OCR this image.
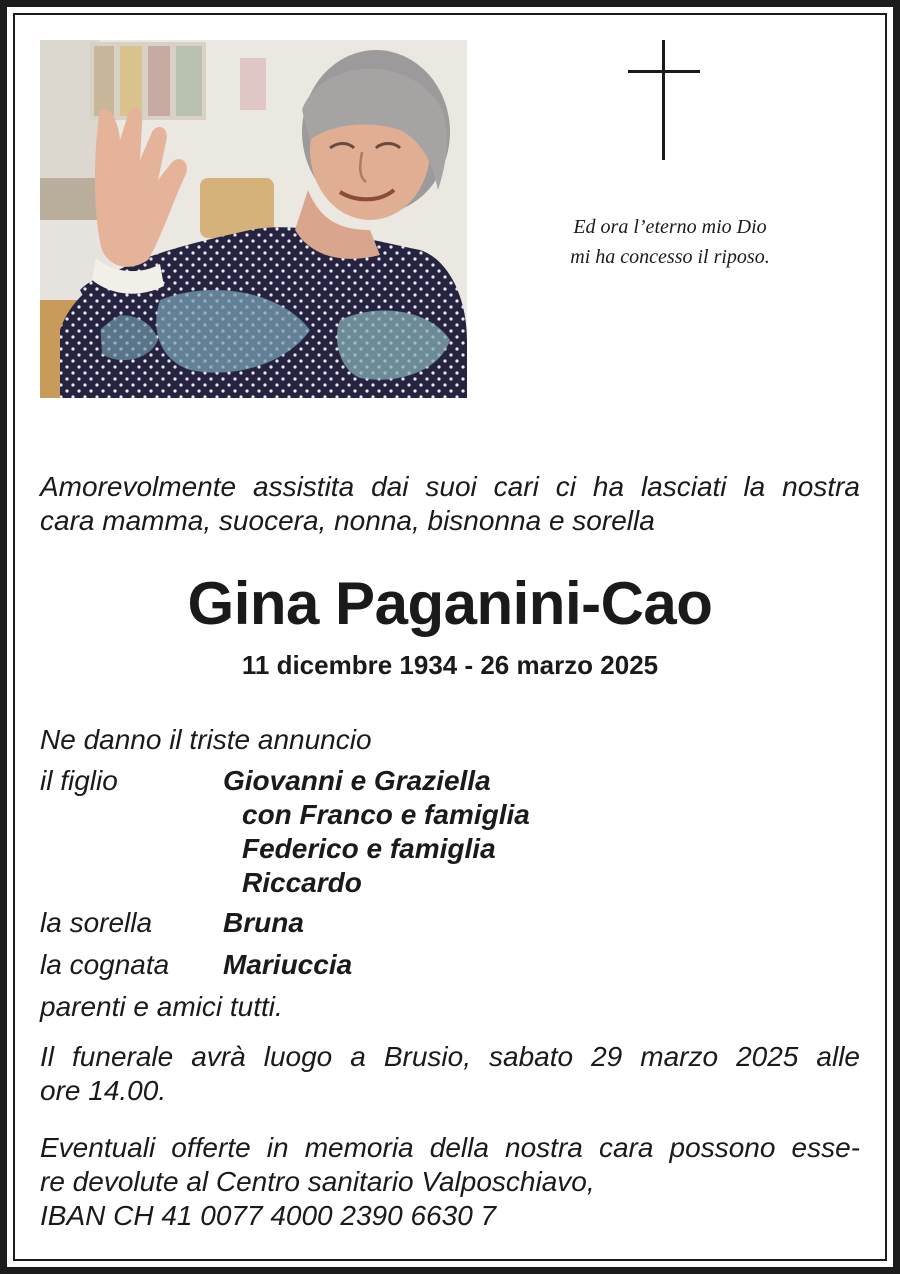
Ed ora l’eterno mio Dio
mi ha concesso il riposo.
Amorevolmente assistita dai suoi cari ci ha lasciati la nostra
cara mamma, suocera, nonna, bisnonna e sorella
Gina Paganini-Cao
11 dicembre 1934 - 26 marzo 2025
Ne danno il triste annuncio
il figlio	Giovanni e Graziella
con Franco e famiglia
Federico e famiglia
Riccardo
la sorella	Bruna
la cognata Mariuccia
parenti e amici tutti.
Il funerale avrà luogo a Brusio, sabato 29 marzo 2025 alle
ore 14.00.
Eventuali offerte in memoria della nostra cara possono esse-
re devolute al Centro sanitario Valposchiavo,
IBAN CH 41 0077 4000 2390 6630 7
